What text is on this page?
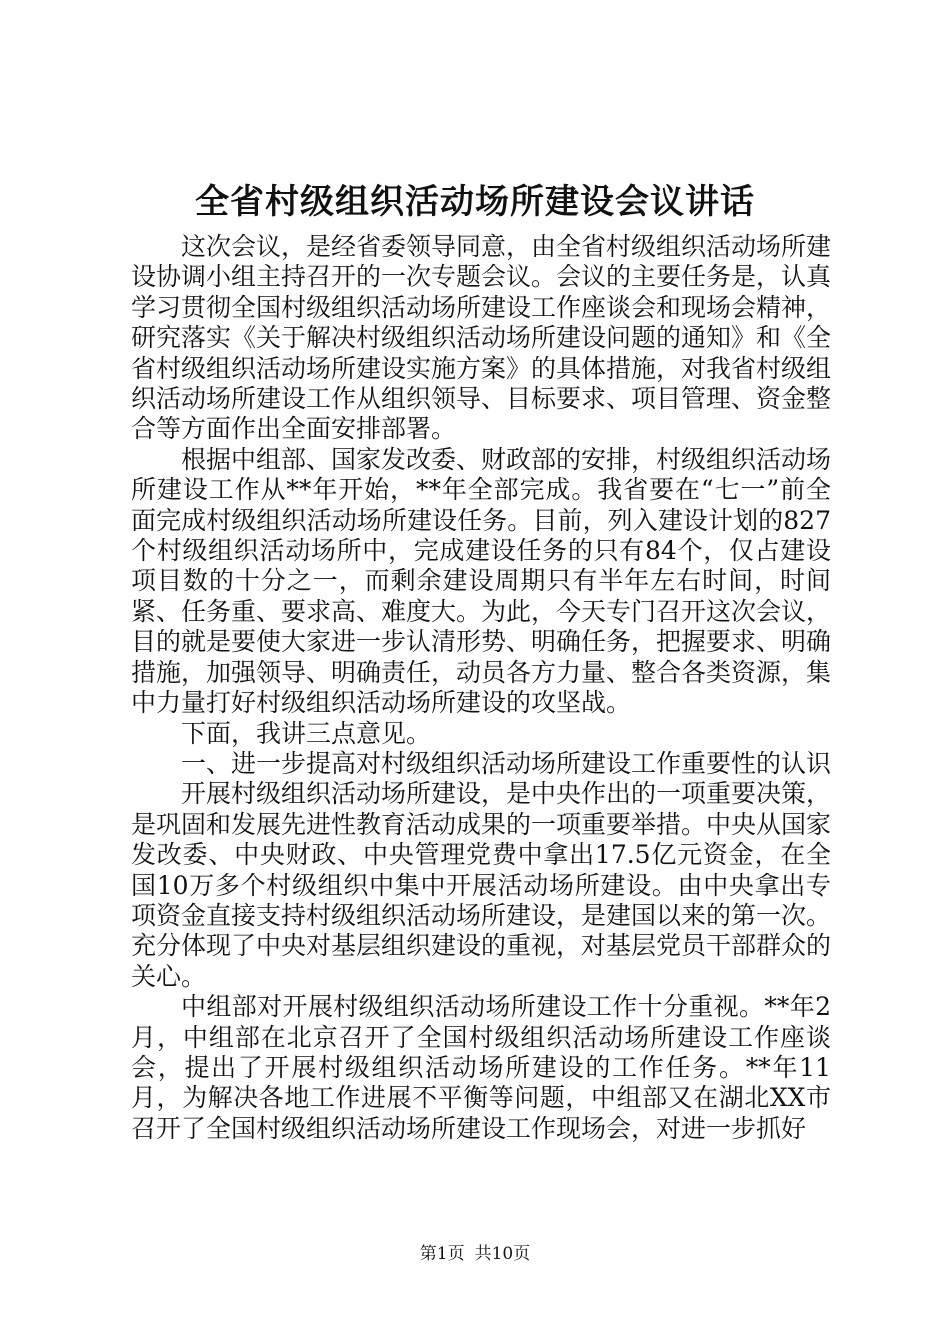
全省村级组织活动场所建设会议讲话

这次会议，是经省委领导同意，由全省村级组织活动场所建设协调小组主持召开的一次专题会议。会议的主要任务是，认真学习贯彻全国村级组织活动场所建设工作座谈会和现场会精神，研究落实《关于解决村级组织活动场所建设问题的通知》和《全省村级组织活动场所建设实施方案》的具体措施，对我省村级组织活动场所建设工作从组织领导、目标要求、项目管理、资金整合等方面作出全面安排部署。

根据中组部、国家发改委、财政部的安排，村级组织活动场所建设工作从**年开始，**年全部完成。我省要在“七一”前全面完成村级组织活动场所建设任务。目前，列入建设计划的827个村级组织活动场所中，完成建设任务的只有84个，仅占建设项目数的十分之一，而剩余建设周期只有半年左右时间，时间紧、任务重、要求高、难度大。为此，今天专门召开这次会议，目的就是要使大家进一步认清形势、明确任务，把握要求、明确措施，加强领导、明确责任，动员各方力量、整合各类资源，集中力量打好村级组织活动场所建设的攻坚战。

下面，我讲三点意见。

一、进一步提高对村级组织活动场所建设工作重要性的认识

开展村级组织活动场所建设，是中央作出的一项重要决策，是巩固和发展先进性教育活动成果的一项重要举措。中央从国家发改委、中央财政、中央管理党费中拿出17.5亿元资金，在全国10万多个村级组织中集中开展活动场所建设。由中央拿出专项资金直接支持村级组织活动场所建设，是建国以来的第一次。充分体现了中央对基层组织建设的重视，对基层党员干部群众的关心。

中组部对开展村级组织活动场所建设工作十分重视。**年2月，中组部在北京召开了全国村级组织活动场所建设工作座谈会，提出了开展村级组织活动场所建设的工作任务。**年11月，为解决各地工作进展不平衡等问题，中组部又在湖北XX市召开了全国村级组织活动场所建设工作现场会，对进一步抓好

第1页 共10页
